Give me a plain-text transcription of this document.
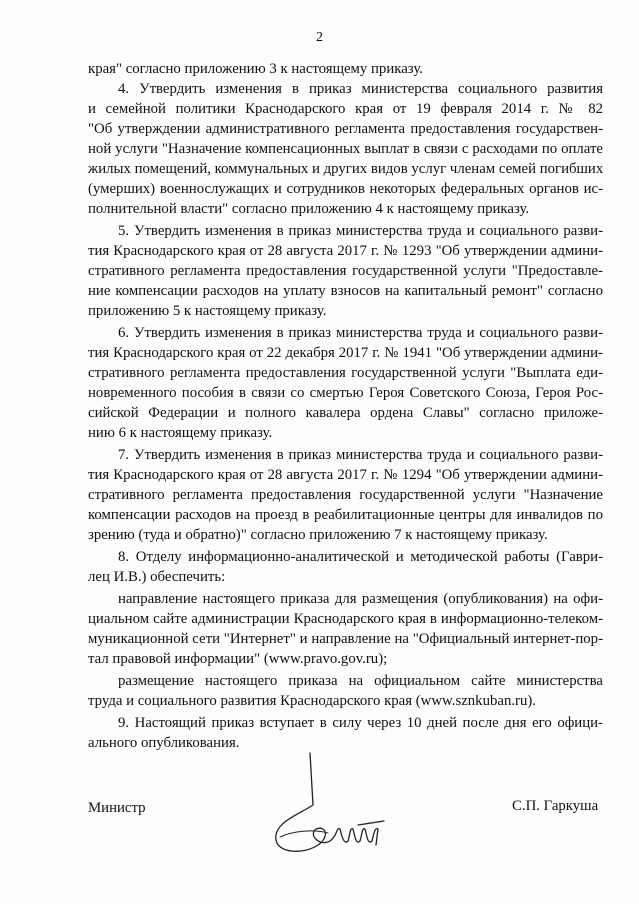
2
края" согласно приложению 3 к настоящему приказу.
4. Утвердить изменения в приказ министерства социального развития
и семейной политики Краснодарского края от 19 февраля 2014 г. № 82
"Об утверждении административного регламента предоставления государствен-
ной услуги "Назначение компенсационных выплат в связи с расходами по оплате
жилых помещений, коммунальных и других видов услуг членам семей погибших
(умерших) военнослужащих и сотрудников некоторых федеральных органов ис-
полнительной власти" согласно приложению 4 к настоящему приказу.
5. Утвердить изменения в приказ министерства труда и социального разви-
тия Краснодарского края от 28 августа 2017 г. № 1293 "Об утверждении админи-
стративного регламента предоставления государственной услуги "Предоставле-
ние компенсации расходов на уплату взносов на капитальный ремонт" согласно
приложению 5 к настоящему приказу.
6. Утвердить изменения в приказ министерства труда и социального разви-
тия Краснодарского края от 22 декабря 2017 г. № 1941 "Об утверждении админи-
стративного регламента предоставления государственной услуги "Выплата еди-
новременного пособия в связи со смертью Героя Советского Союза, Героя Рос-
сийской Федерации и полного кавалера ордена Славы" согласно приложе-
нию 6 к настоящему приказу.
7. Утвердить изменения в приказ министерства труда и социального разви-
тия Краснодарского края от 28 августа 2017 г. № 1294 "Об утверждении админи-
стративного регламента предоставления государственной услуги "Назначение
компенсации расходов на проезд в реабилитационные центры для инвалидов по
зрению (туда и обратно)" согласно приложению 7 к настоящему приказу.
8. Отделу информационно-аналитической и методической работы (Гаври-
лец И.В.) обеспечить:
направление настоящего приказа для размещения (опубликования) на офи-
циальном сайте администрации Краснодарского края в информационно-телеком-
муникационной сети "Интернет" и направление на "Официальный интернет-пор-
тал правовой информации" (www.pravo.gov.ru);
размещение настоящего приказа на официальном сайте министерства
труда и социального развития Краснодарского края (www.sznkuban.ru).
9. Настоящий приказ вступает в силу через 10 дней после дня его офици-
ального опубликования.
Министр	С.П. Гаркуша
